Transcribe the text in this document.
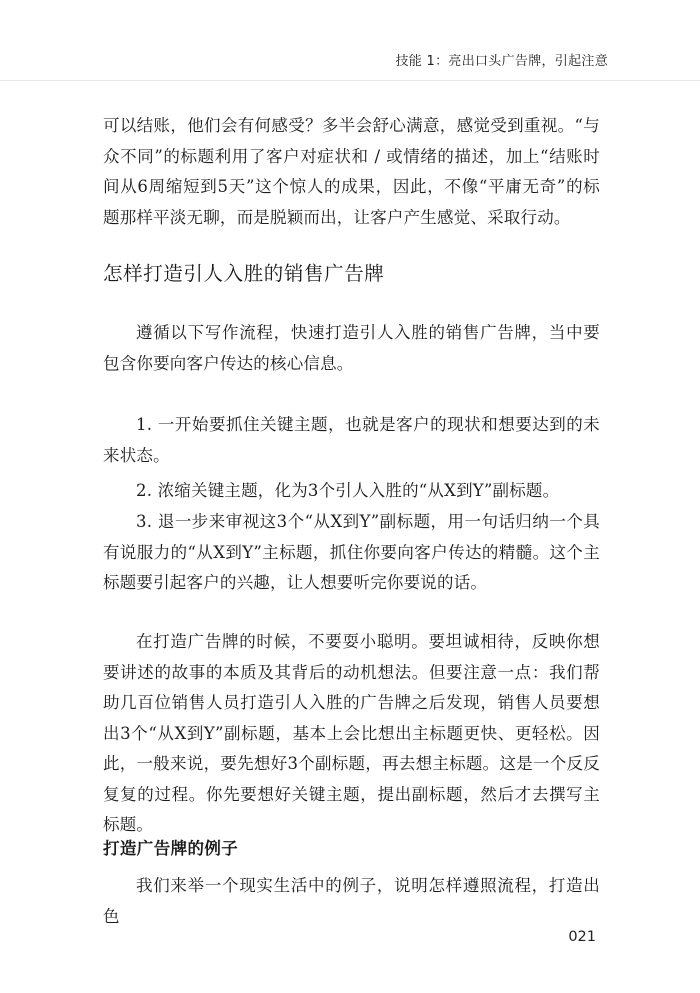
技能 1：亮出口头广告牌，引起注意

可以结账，他们会有何感受？多半会舒心满意，感觉受到重视。“与众不同”的标题利用了客户对症状和 / 或情绪的描述，加上“结账时间从6周缩短到5天”这个惊人的成果，因此，不像“平庸无奇”的标题那样平淡无聊，而是脱颖而出，让客户产生感觉、采取行动。

怎样打造引人入胜的销售广告牌

遵循以下写作流程，快速打造引人入胜的销售广告牌，当中要包含你要向客户传达的核心信息。

1. 一开始要抓住关键主题，也就是客户的现状和想要达到的未来状态。

2. 浓缩关键主题，化为3个引人入胜的“从X到Y”副标题。

3. 退一步来审视这3个“从X到Y”副标题，用一句话归纳一个具有说服力的“从X到Y”主标题，抓住你要向客户传达的精髓。这个主标题要引起客户的兴趣，让人想要听完你要说的话。

在打造广告牌的时候，不要耍小聪明。要坦诚相待，反映你想要讲述的故事的本质及其背后的动机想法。但要注意一点：我们帮助几百位销售人员打造引人入胜的广告牌之后发现，销售人员要想出3个“从X到Y”副标题，基本上会比想出主标题更快、更轻松。因此，一般来说，要先想好3个副标题，再去想主标题。这是一个反反复复的过程。你先要想好关键主题，提出副标题，然后才去撰写主标题。

打造广告牌的例子

我们来举一个现实生活中的例子，说明怎样遵照流程，打造出色

021
